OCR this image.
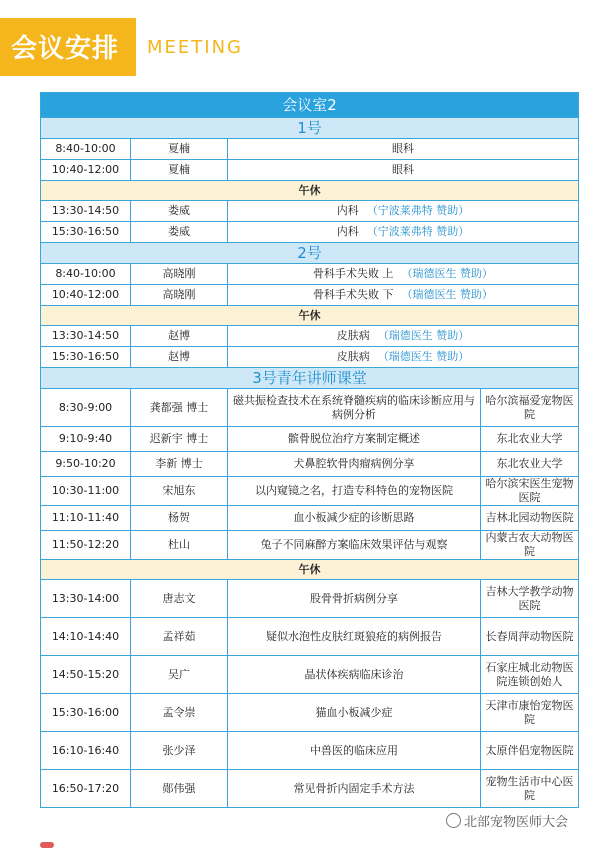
会议安排 MEETING
会议室2			
1号			
8:40-10:00	夏楠	眼科	
10:40-12:00	夏楠	眼科	
午休			
13:30-14:50	娄威	内科 （宁波莱弗特 赞助）	
15:30-16:50	娄威	内科 （宁波莱弗特 赞助）	
2号			
8:40-10:00	高晓刚	骨科手术失败 上 （瑞德医生 赞助）	
10:40-12:00	高晓刚	骨科手术失败 下 （瑞德医生 赞助）	
午休			
13:30-14:50	赵博	皮肤病 （瑞德医生 赞助）	
15:30-16:50	赵博	皮肤病 （瑞德医生 赞助）	
3号青年讲师课堂			
8:30-9:00	龚都强 博士	磁共振检查技术在系统脊髓疾病的临床诊断应用与病例分析	哈尔滨福爱宠物医院
9:10-9:40	迟新宇 博士	髌骨脱位治疗方案制定概述	东北农业大学
9:50-10:20	李新 博士	犬鼻腔软骨肉瘤病例分享	东北农业大学
10:30-11:00	宋旭东	以内窥镜之名，打造专科特色的宠物医院	哈尔滨宋医生宠物医院
11:10-11:40	杨贺	血小板减少症的诊断思路	吉林北园动物医院
11:50-12:20	杜山	兔子不同麻醉方案临床效果评估与观察	内蒙古农大动物医院
午休			
13:30-14:00	唐志文	股骨骨折病例分享	吉林大学教学动物医院
14:10-14:40	孟祥茹	疑似水泡性皮肤红斑狼疮的病例报告	长春周萍动物医院
14:50-15:20	吴广	晶状体疾病临床诊治	石家庄城北动物医院连锁创始人
15:30-16:00	孟令崇	猫血小板减少症	天津市康怡宠物医院
16:10-16:40	张少泽	中兽医的临床应用	太原伴侣宠物医院
16:50-17:20	郧伟强	常见骨折内固定手术方法	宠物生活市中心医院
北部宠物医师大会
